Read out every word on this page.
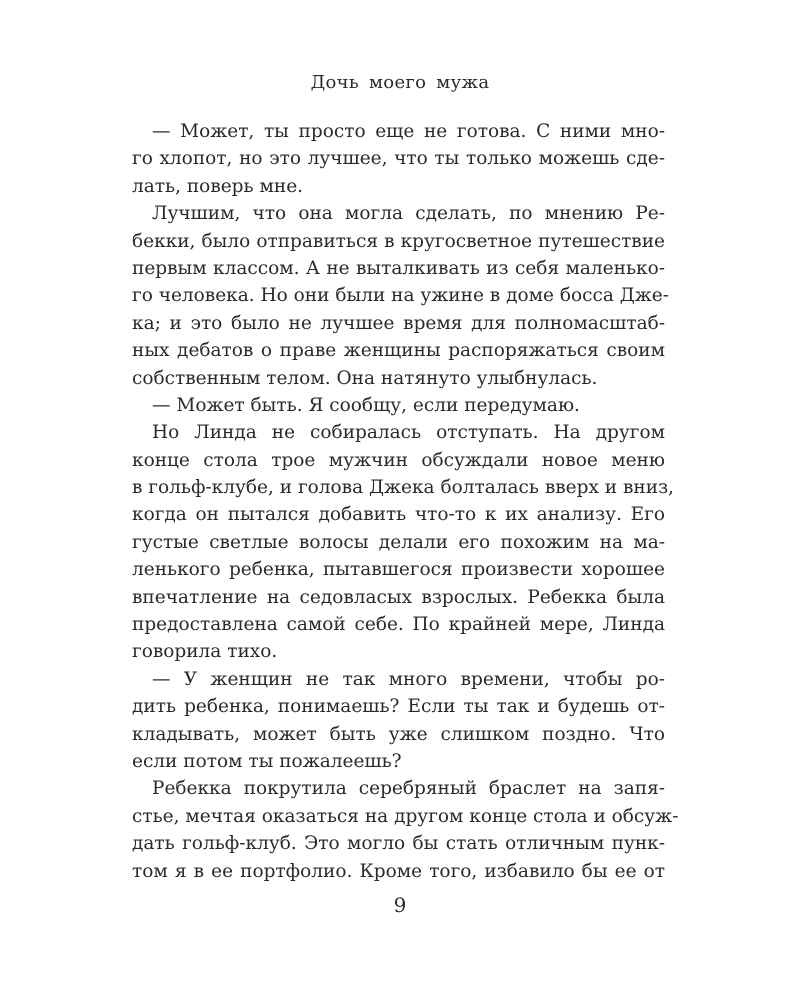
Дочь моего мужа
— Может, ты просто еще не готова. С ними мно-
го хлопот, но это лучшее, что ты только можешь сде-
лать, поверь мне.
Лучшим, что она могла сделать, по мнению Ре-
бекки, было отправиться в кругосветное путешествие
первым классом. А не выталкивать из себя маленько-
го человека. Но они были на ужине в доме босса Дже-
ка; и это было не лучшее время для полномасштаб-
ных дебатов о праве женщины распоряжаться своим
собственным телом. Она натянуто улыбнулась.
— Может быть. Я сообщу, если передумаю.
Но Линда не собиралась отступать. На другом
конце стола трое мужчин обсуждали новое меню
в гольф-клубе, и голова Джека болталась вверх и вниз,
когда он пытался добавить что-то к их анализу. Его
густые светлые волосы делали его похожим на ма-
ленького ребенка, пытавшегося произвести хорошее
впечатление на седовласых взрослых. Ребекка была
предоставлена самой себе. По крайней мере, Линда
говорила тихо.
— У женщин не так много времени, чтобы ро-
дить ребенка, понимаешь? Если ты так и будешь от-
кладывать, может быть уже слишком поздно. Что
если потом ты пожалеешь?
Ребекка покрутила серебряный браслет на запя-
стье, мечтая оказаться на другом конце стола и обсуж-
дать гольф-клуб. Это могло бы стать отличным пунк-
том я в ее портфолио. Кроме того, избавило бы ее от
9
